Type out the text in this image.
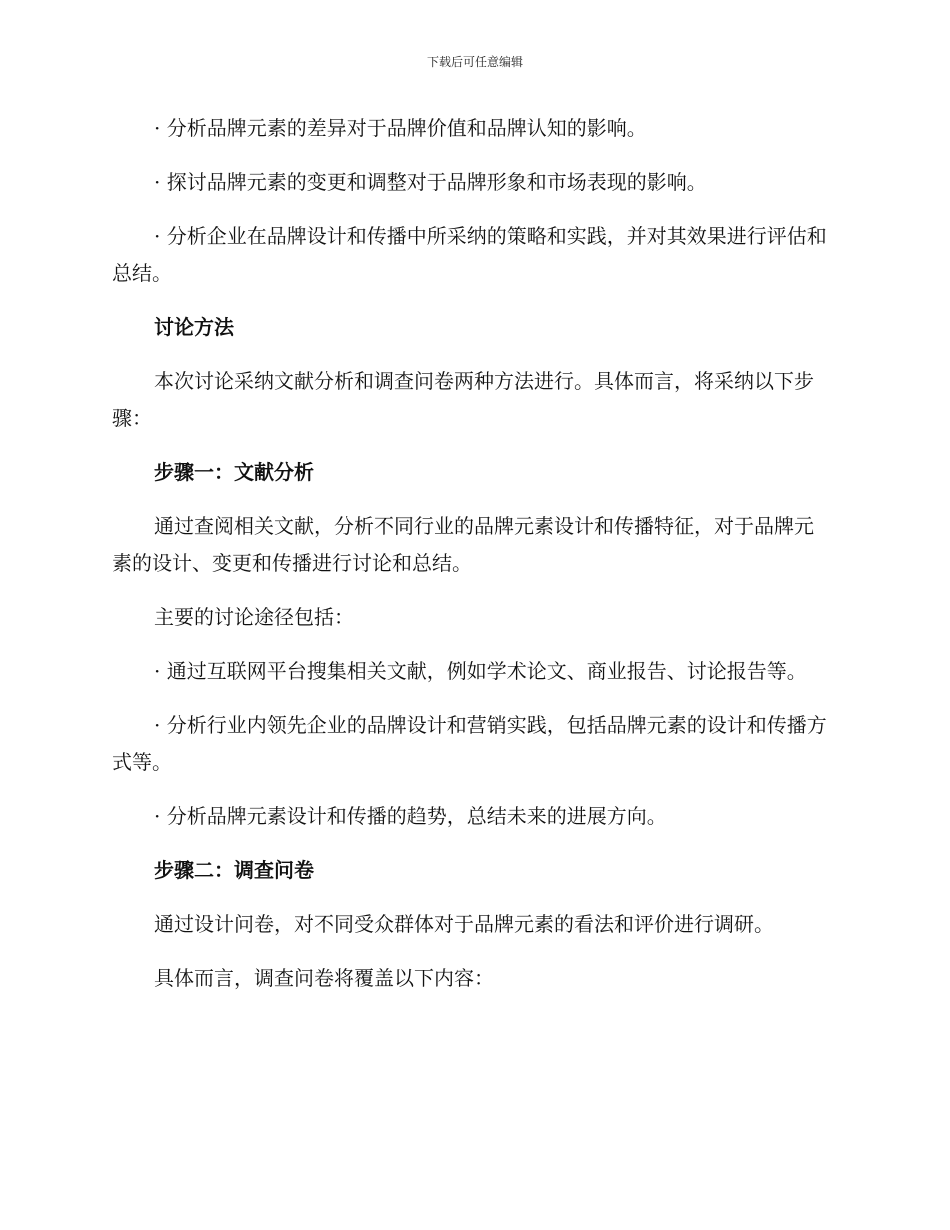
下载后可任意编辑

· 分析品牌元素的差异对于品牌价值和品牌认知的影响。

· 探讨品牌元素的变更和调整对于品牌形象和市场表现的影响。

· 分析企业在品牌设计和传播中所采纳的策略和实践，并对其效果进行评估和总结。

讨论方法

本次讨论采纳文献分析和调查问卷两种方法进行。具体而言，将采纳以下步骤：

步骤一：文献分析

通过查阅相关文献，分析不同行业的品牌元素设计和传播特征，对于品牌元素的设计、变更和传播进行讨论和总结。

主要的讨论途径包括：

· 通过互联网平台搜集相关文献，例如学术论文、商业报告、讨论报告等。

· 分析行业内领先企业的品牌设计和营销实践，包括品牌元素的设计和传播方式等。

· 分析品牌元素设计和传播的趋势，总结未来的进展方向。

步骤二：调查问卷

通过设计问卷，对不同受众群体对于品牌元素的看法和评价进行调研。

具体而言，调查问卷将覆盖以下内容：
